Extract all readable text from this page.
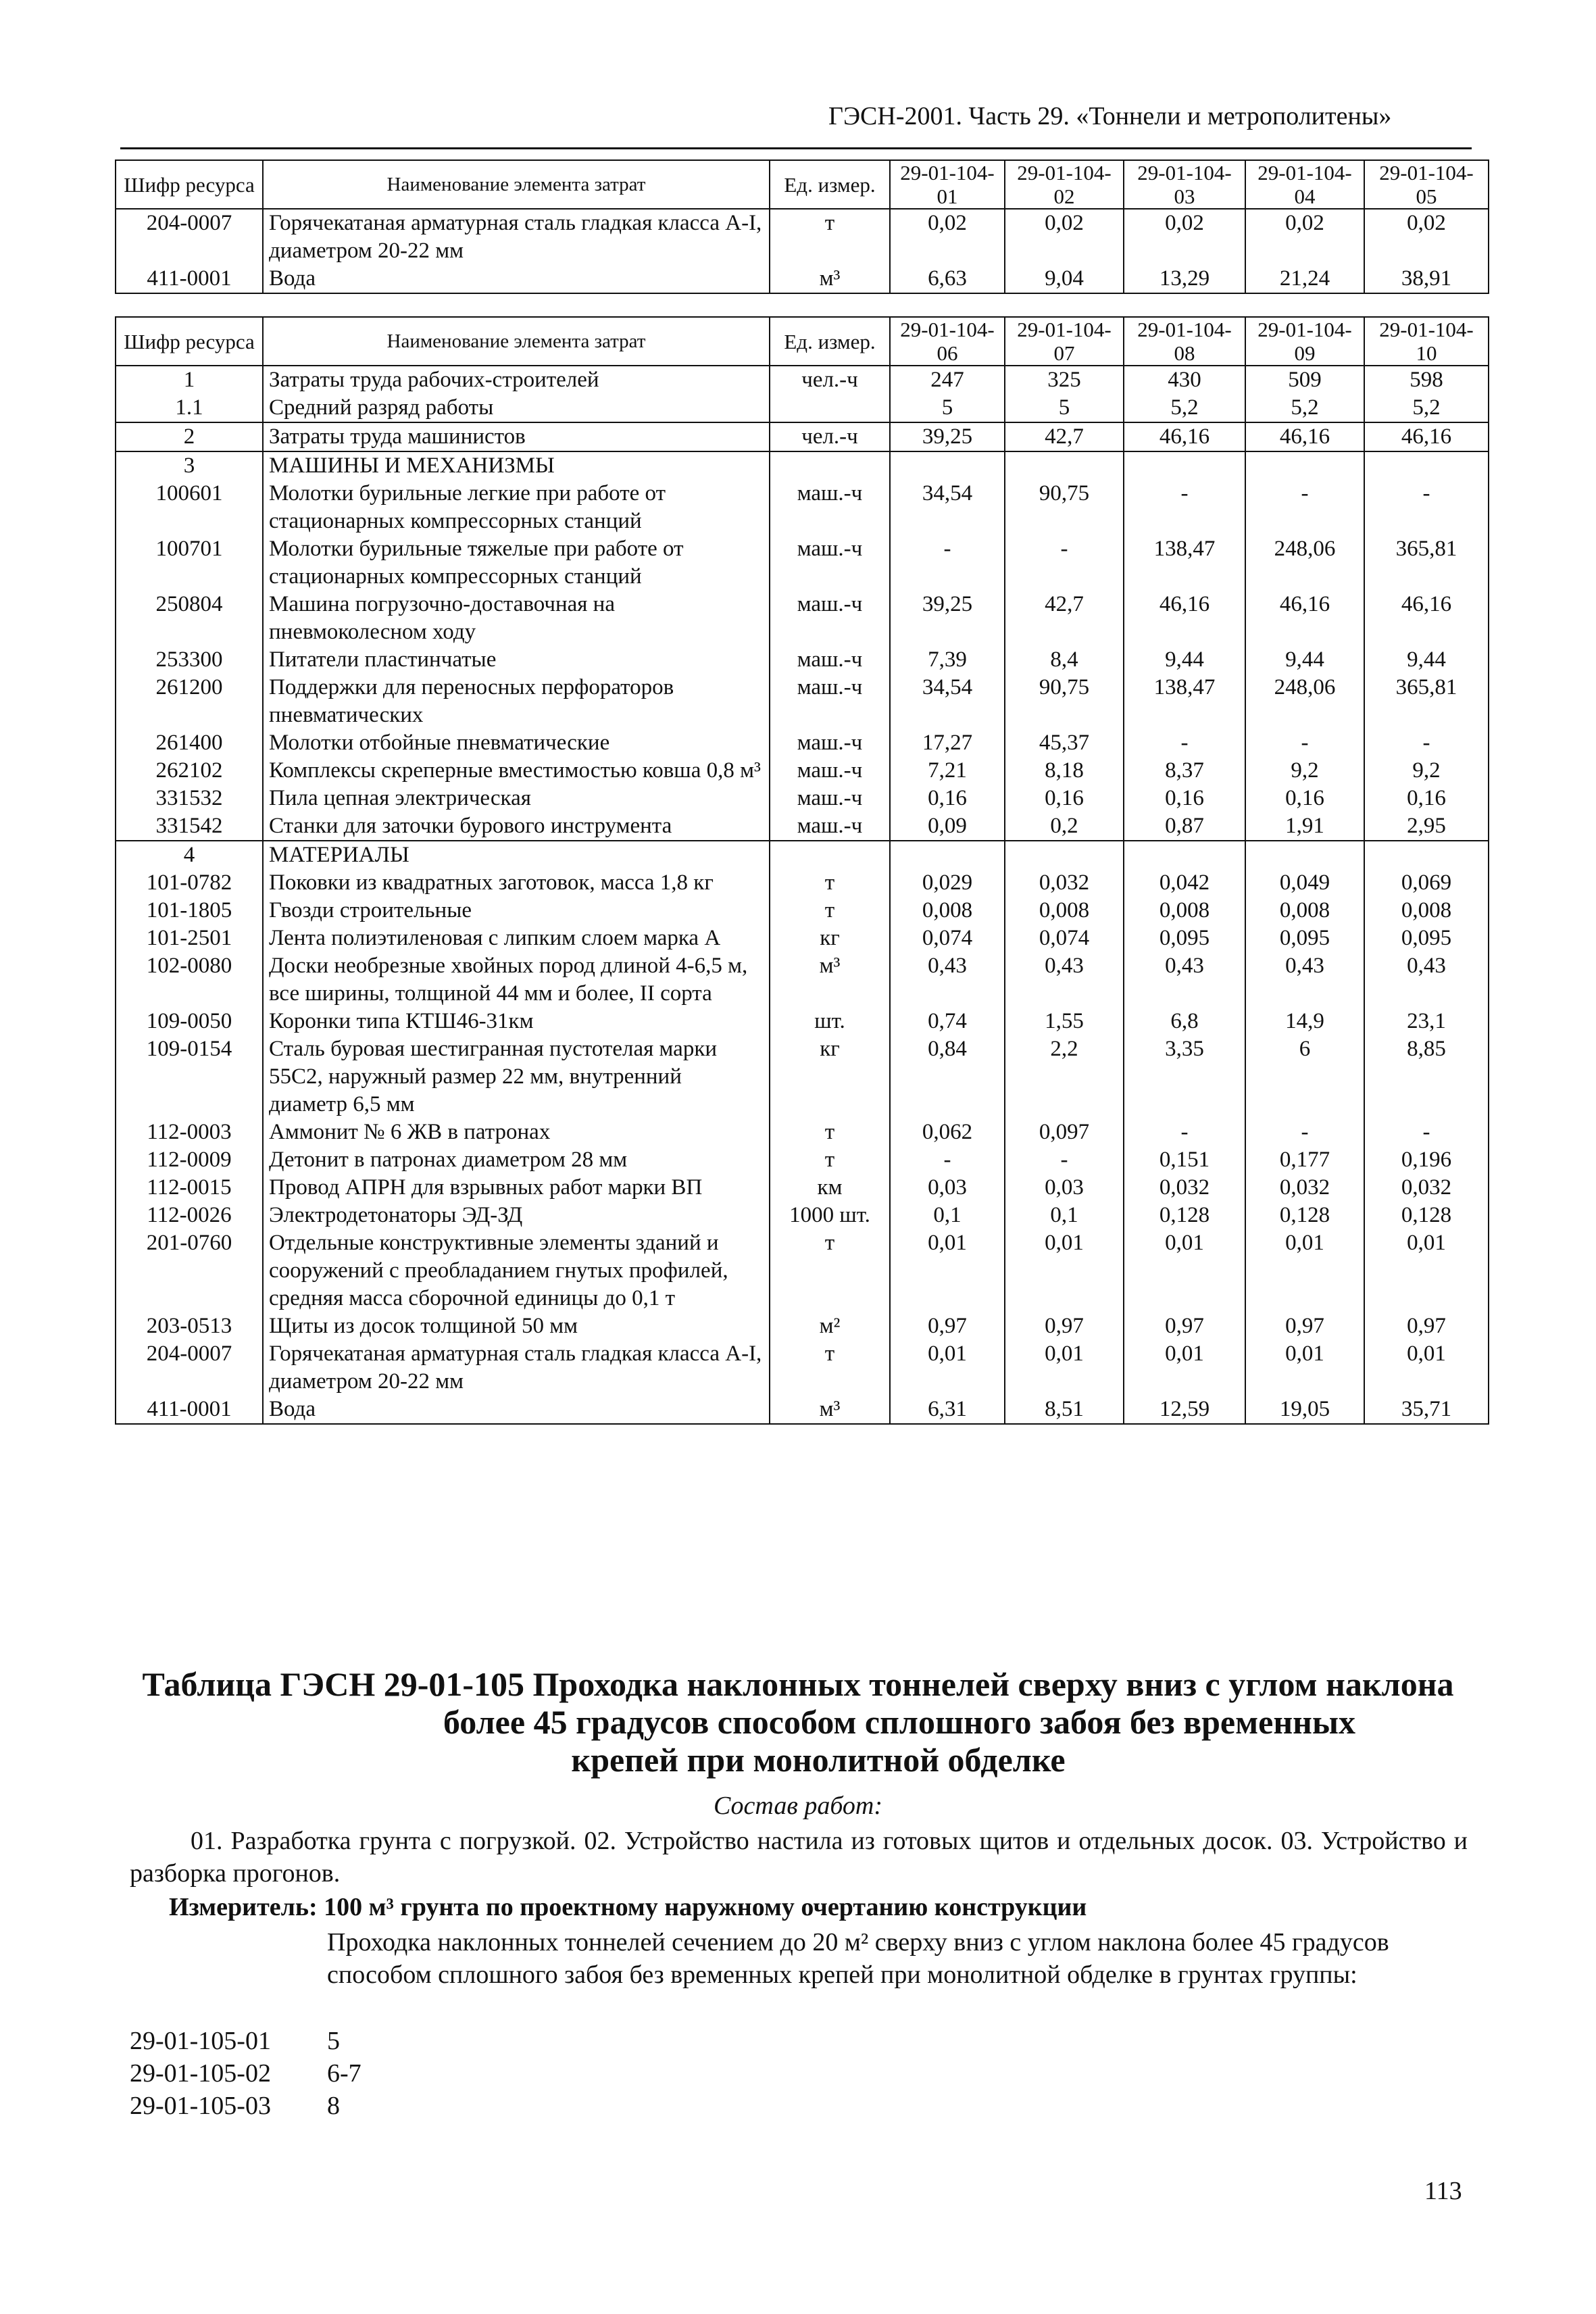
ГЭСН-2001. Часть 29. «Тоннели и метрополитены»
Шифр ресурса	Наименование элемента затрат	Ед. измер.	29-01-104-01	29-01-104-02	29-01-104-03	29-01-104-04	29-01-104-05
204-0007	Горячекатаная арматурная сталь гладкая класса А-I, диаметром 20-22 мм	т	0,02	0,02	0,02	0,02	0,02
411-0001	Вода	м³	6,63	9,04	13,29	21,24	38,91
Шифр ресурса	Наименование элемента затрат	Ед. измер.	29-01-104-06	29-01-104-07	29-01-104-08	29-01-104-09	29-01-104-10
1	Затраты труда рабочих-строителей	чел.-ч	247	325	430	509	598
1.1	Средний разряд работы		5	5	5,2	5,2	5,2
2	Затраты труда машинистов	чел.-ч	39,25	42,7	46,16	46,16	46,16
3	МАШИНЫ И МЕХАНИЗМЫ						
100601	Молотки бурильные легкие при работе от стационарных компрессорных станций	маш.-ч	34,54	90,75	-	-	-
100701	Молотки бурильные тяжелые при работе от стационарных компрессорных станций	маш.-ч	-	-	138,47	248,06	365,81
250804	Машина погрузочно-доставочная на пневмоколесном ходу	маш.-ч	39,25	42,7	46,16	46,16	46,16
253300	Питатели пластинчатые	маш.-ч	7,39	8,4	9,44	9,44	9,44
261200	Поддержки для переносных перфораторов пневматических	маш.-ч	34,54	90,75	138,47	248,06	365,81
261400	Молотки отбойные пневматические	маш.-ч	17,27	45,37	-	-	-
262102	Комплексы скреперные вместимостью ковша 0,8 м³	маш.-ч	7,21	8,18	8,37	9,2	9,2
331532	Пила цепная электрическая	маш.-ч	0,16	0,16	0,16	0,16	0,16
331542	Станки для заточки бурового инструмента	маш.-ч	0,09	0,2	0,87	1,91	2,95
4	МАТЕРИАЛЫ						
101-0782	Поковки из квадратных заготовок, масса 1,8 кг	т	0,029	0,032	0,042	0,049	0,069
101-1805	Гвозди строительные	т	0,008	0,008	0,008	0,008	0,008
101-2501	Лента полиэтиленовая с липким слоем марка А	кг	0,074	0,074	0,095	0,095	0,095
102-0080	Доски необрезные хвойных пород длиной 4-6,5 м, все ширины, толщиной 44 мм и более, II сорта	м³	0,43	0,43	0,43	0,43	0,43
109-0050	Коронки типа КТШ46-31км	шт.	0,74	1,55	6,8	14,9	23,1
109-0154	Сталь буровая шестигранная пустотелая марки 55С2, наружный размер 22 мм, внутренний диаметр 6,5 мм	кг	0,84	2,2	3,35	6	8,85
112-0003	Аммонит № 6 ЖВ в патронах	т	0,062	0,097	-	-	-
112-0009	Детонит в патронах диаметром 28 мм	т	-	-	0,151	0,177	0,196
112-0015	Провод АПРН для взрывных работ марки ВП	км	0,03	0,03	0,032	0,032	0,032
112-0026	Электродетонаторы ЭД-ЗД	1000 шт.	0,1	0,1	0,128	0,128	0,128
201-0760	Отдельные конструктивные элементы зданий и сооружений с преобладанием гнутых профилей, средняя масса сборочной единицы до 0,1 т	т	0,01	0,01	0,01	0,01	0,01
203-0513	Щиты из досок толщиной 50 мм	м²	0,97	0,97	0,97	0,97	0,97
204-0007	Горячекатаная арматурная сталь гладкая класса А-I, диаметром 20-22 мм	т	0,01	0,01	0,01	0,01	0,01
411-0001	Вода	м³	6,31	8,51	12,59	19,05	35,71
Таблица ГЭСН 29-01-105 Проходка наклонных тоннелей сверху вниз с углом наклона
более 45 градусов способом сплошного забоя без временных
крепей при монолитной обделке
Состав работ:
01. Разработка грунта с погрузкой. 02. Устройство настила из готовых щитов и отдельных досок. 03. Устройство и разборка прогонов.
Измеритель: 100 м³ грунта по проектному наружному очертанию конструкции
Проходка наклонных тоннелей сечением до 20 м² сверху вниз с углом наклона более 45 градусов способом сплошного забоя без временных крепей при монолитной обделке в грунтах группы:
29-01-105-01	5
29-01-105-02	6-7
29-01-105-03	8
113
